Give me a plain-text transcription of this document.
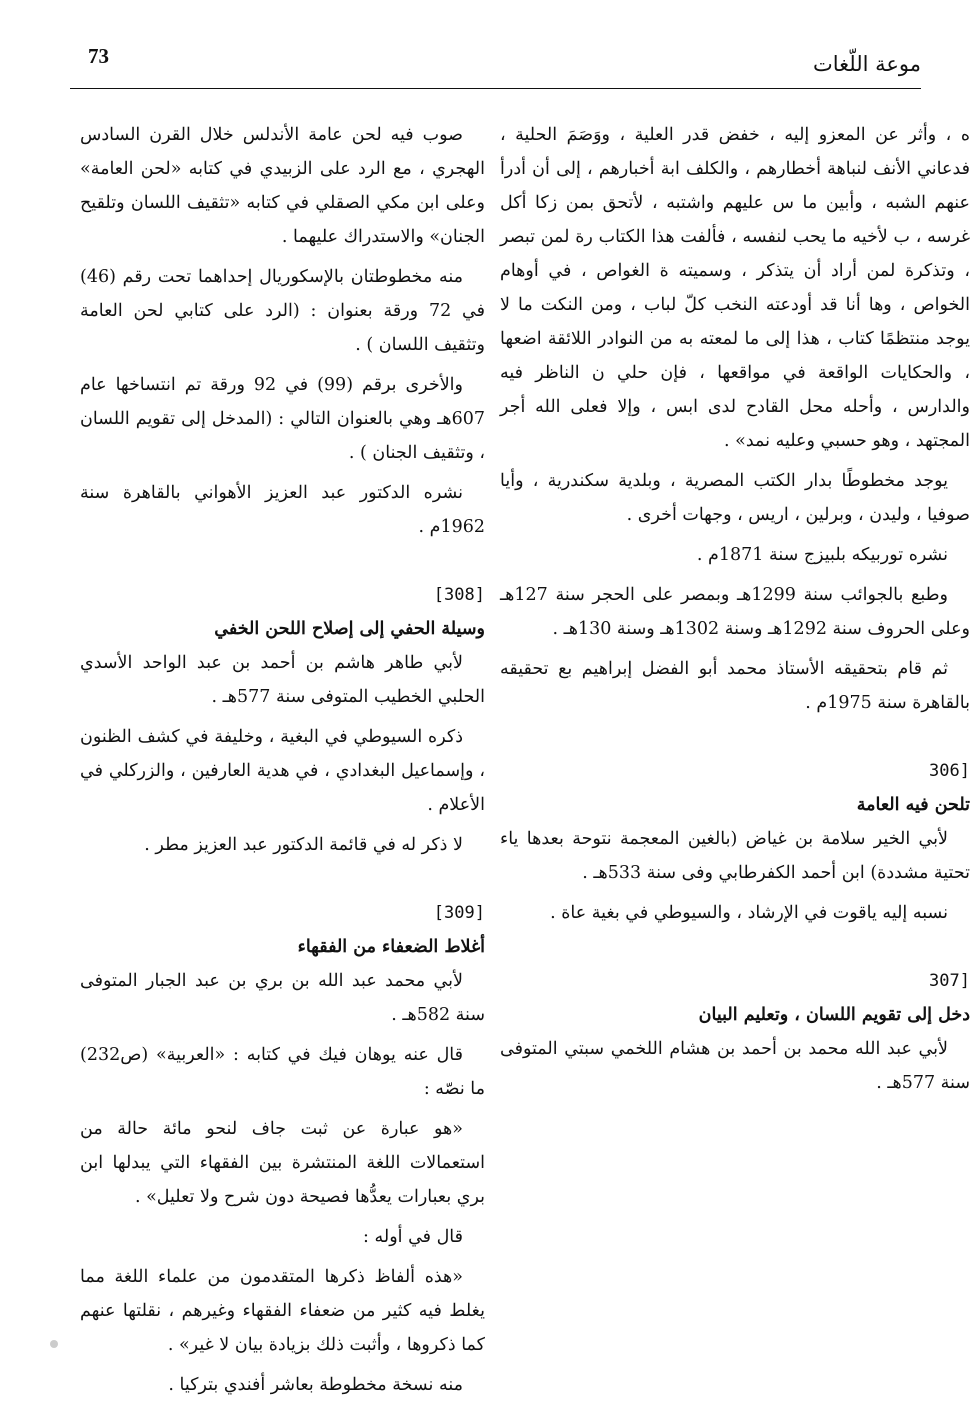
73	موعة اللّغات

صوب فيه لحن عامة الأندلس خلال القرن السادس الهجري ، مع الرد على الزبيدي في كتابه «لحن العامة» وعلى ابن مكي الصقلي في كتابه «تثقيف اللسان وتلقيح الجنان» والاستدراك عليهما .

منه مخطوطتان بالإسكوريال إحداهما تحت رقم (46) في 72 ورقة بعنوان : (الرد على كتابي لحن العامة وتثقيف اللسان ) .

والأخرى برقم (99) في 92 ورقة تم انتساخها عام 607هـ وهي بالعنوان التالي : (المدخل إلى تقويم اللسان ، وتثقيف الجنان ) .

نشره الدكتور عبد العزيز الأهواني بالقاهرة سنة 1962م .

[308]

وسيلة الحفي إلى إصلاح اللحن الخفي

لأبي طاهر هاشم بن أحمد بن عبد الواحد الأسدي الحلبي الخطيب المتوفى سنة 577هـ .

ذكره السيوطي في البغية ، وخليفة في كشف الظنون ، وإسماعيل البغدادي ، في هدية العارفين ، والزركلي في الأعلام .

لا ذكر له في قائمة الدكتور عبد العزيز مطر .

[309]

أغلاط الضعفاء من الفقهاء

لأبي محمد عبد الله بن بري بن عبد الجبار المتوفى سنة 582هـ .

قال عنه يوهان فيك في كتابه : «العربية» (ص232) ما نصّه :

«هو عبارة عن ثبت جاف لنحو مائة حالة من استعمالات اللغة المنتشرة بين الفقهاء التي يبدلها ابن بري بعبارات يعدُّها فصيحة دون شرح ولا تعليل» .

قال في أوله :

«هذه ألفاظ ذكرها المتقدمون من علماء اللغة مما يغلط فيه كثير من ضعفاء الفقهاء وغيرهم ، نقلتها عنهم كما ذكروها ، وأثبت ذلك بزيادة بيان لا غير» .

منه نسخة مخطوطة بعاشر أفندي بتركيا .

ه ، وأثر عن المعزو إليه ، خفض قدر العلية ، ووَصَمَ الحلية ، فدعاني الأنف لنباهة أخطارهم ، والكلف ابة أخبارهم ، إلى أن أدرأ عنهم الشبه ، وأبين ما س عليهم واشتبه ، لأتحق بمن زكا أكل غرسه ، ب لأخيه ما يحب لنفسه ، فألفت هذا الكتاب رة لمن تبصر ، وتذكرة لمن أراد أن يتذكر ، وسميته ة الغواص ، في أوهام الخواص ، وها أنا قد أودعته النخب كلّ لباب ، ومن النكت ما لا يوجد منتظمًا كتاب ، هذا إلى ما لمعته به من النوادر اللائقة اضعها ، والحكايات الواقعة في مواقعها ، فإن حلي ن الناظر فيه والدارس ، وأحله محل القادح لدى ابس ، وإلا فعلى الله أجر المجتهد ، وهو حسبي وعليه نمد» .

يوجد مخطوطًا بدار الكتب المصرية ، وبلدية سكندرية ، وأيا صوفيا ، وليدن ، وبرلين ، اريس ، وجهات أخرى .

نشره توربيكه بلبيزج سنة 1871م .

وطبع بالجوائب سنة 1299هـ وبمصر على الحجر سنة 127هـ وعلى الحروف سنة 1292هـ وسنة 1302هـ وسنة 130هـ .

ثم قام بتحقيقه الأستاذ محمد أبو الفضل إبراهيم بع تحقيقه بالقاهرة سنة 1975م .

[306

تلحن فيه العامة

لأبي الخير سلامة بن غياض (بالغين المعجمة نتوحة بعدها ياء تحتية مشددة) ابن أحمد الكفرطابي وفى سنة 533هـ .

نسبه إليه ياقوت في الإرشاد ، والسيوطي في بغية عاة .

[307

دخل إلى تقويم اللسان ، وتعليم البيان

لأبي عبد الله محمد بن أحمد بن هشام اللخمي سبتي المتوفى سنة 577هـ .
